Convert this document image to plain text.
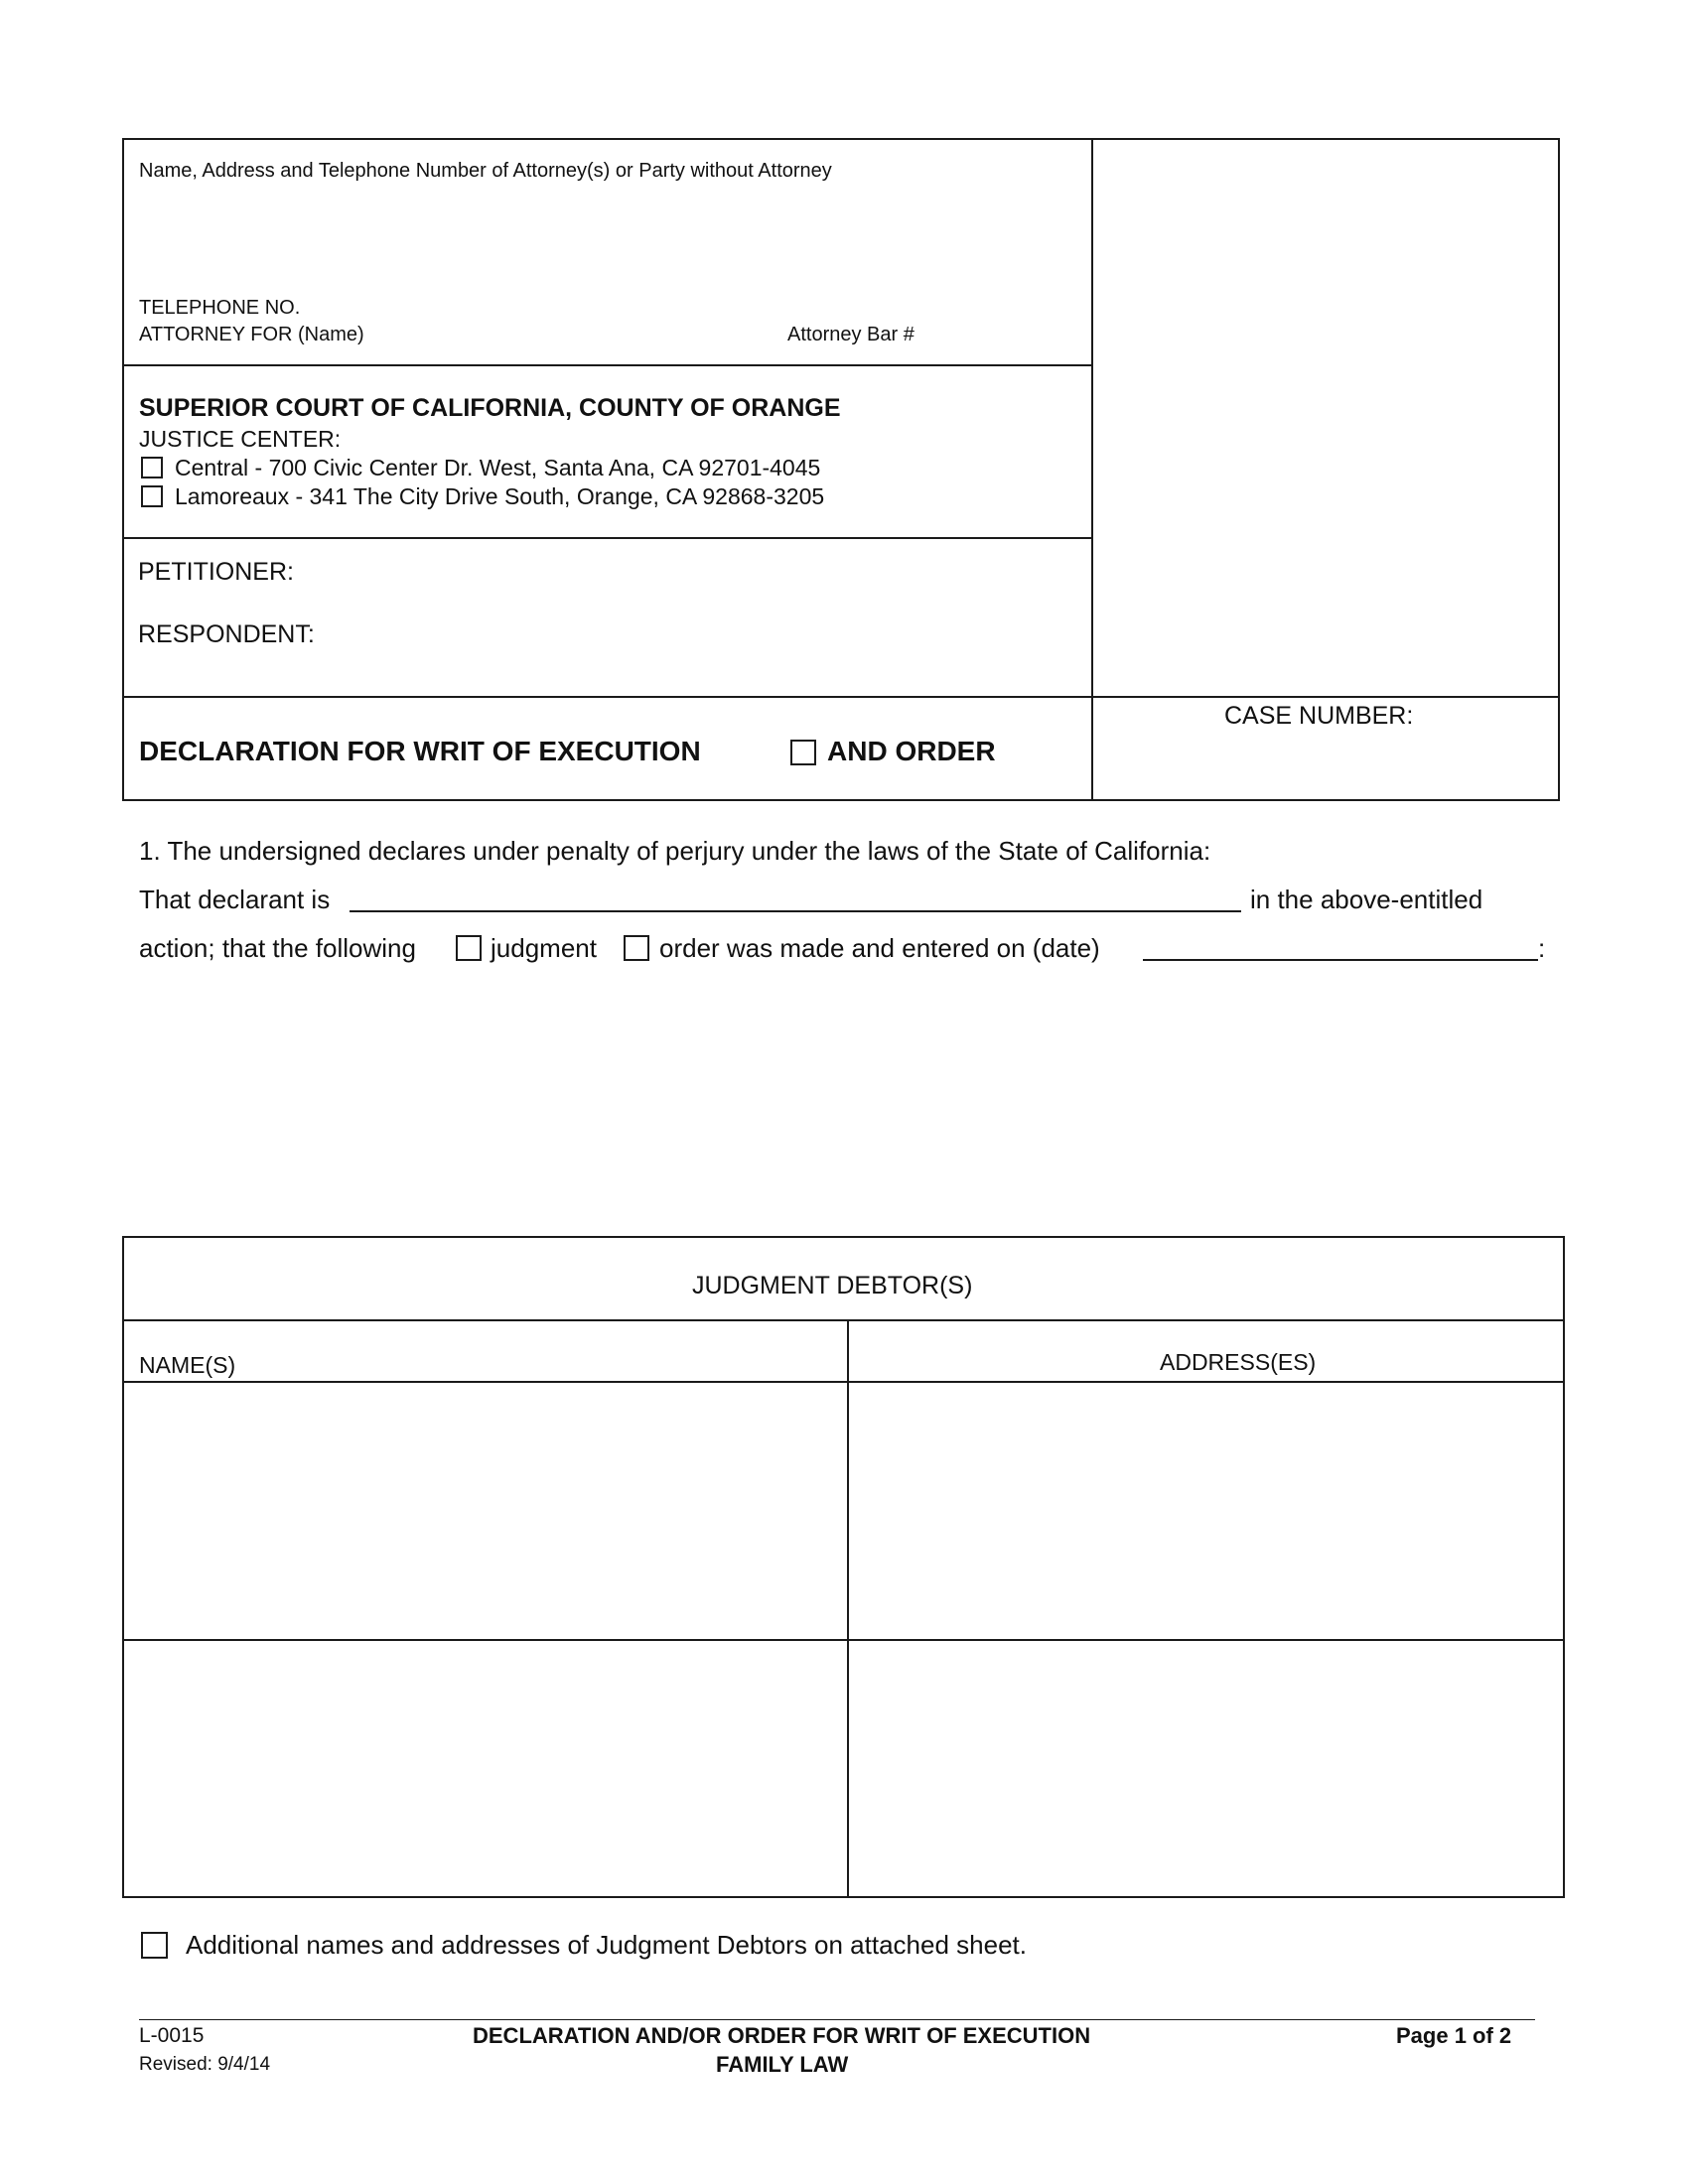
Name, Address and Telephone Number of Attorney(s) or Party without Attorney
TELEPHONE NO.
ATTORNEY FOR (Name)	Attorney Bar #
SUPERIOR COURT OF CALIFORNIA, COUNTY OF ORANGE
JUSTICE CENTER:
Central - 700 Civic Center Dr. West, Santa Ana, CA 92701-4045
Lamoreaux - 341 The City Drive South, Orange, CA 92868-3205
PETITIONER:
RESPONDENT:
DECLARATION FOR WRIT OF EXECUTION	AND ORDER
CASE NUMBER:
1. The undersigned declares under penalty of perjury under the laws of the State of California:
That declarant is	in the above-entitled
action; that the following	judgment order was made and entered on (date)	:
JUDGMENT DEBTOR(S)
NAME(S)	ADDRESS(ES)
Additional names and addresses of Judgment Debtors on attached sheet.
L-0015
Revised: 9/4/14
DECLARATION AND/OR ORDER FOR WRIT OF EXECUTION
FAMILY LAW
Page 1 of 2
